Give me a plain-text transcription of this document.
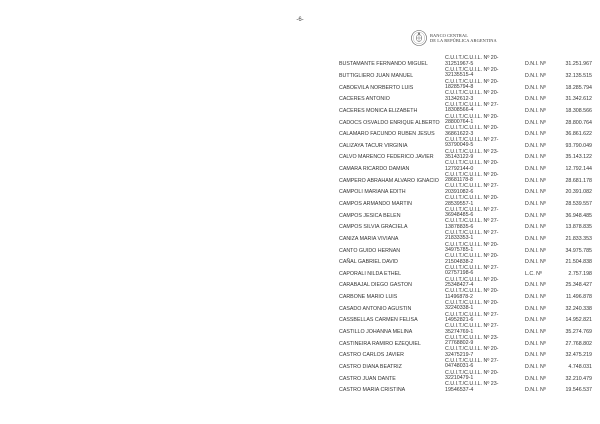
-6-
BANCO CENTRAL
DE LA REPÚBLICA ARGENTINA
BUSTAMANTE FERNANDO MIGUEL
C.U.I.T./C.U.I.L. Nº 20-
31251967-5	D.N.I. Nº	31.251.967
BUTTIGLIERO JUAN MANUEL
C.U.I.T./C.U.I.L. Nº 20-
32135515-4	D.N.I. Nº	32.135.515
CABOEVILA NORBERTO LUIS
C.U.I.T./C.U.I.L. Nº 20-
18285794-8	D.N.I. Nº	18.285.794
CACERES ANTONIO
C.U.I.T./C.U.I.L. Nº 20-
31342612-3	D.N.I. Nº	31.342.612
CACERES MONICA ELIZABETH
C.U.I.T./C.U.I.L. Nº 27-
18308566-4	D.N.I. Nº	18.308.566
CADOCS OSVALDO ENRIQUE ALBERTO
C.U.I.T./C.U.I.L. Nº 20-
28800764-1	D.N.I. Nº	28.800.764
CALAMARO FACUNDO RUBEN JESUS
C.U.I.T./C.U.I.L. Nº 20-
36861622-3	D.N.I. Nº	36.861.622
CALIZAYA TACUR VIRGINIA
C.U.I.T./C.U.I.L. Nº 27-
93790049-5	D.N.I. Nº	93.790.049
CALVO MARENCO FEDERICO JAVIER
C.U.I.T./C.U.I.L. Nº 23-
35143122-9	D.N.I. Nº	35.143.122
CAMARA RICARDO DAMIAN
C.U.I.T./C.U.I.L. Nº 20-
12792144-0	D.N.I. Nº	12.792.144
CAMPERO ABRAHAM ALVARO IGNACIO
C.U.I.T./C.U.I.L. Nº 20-
28681178-8	D.N.I. Nº	28.681.178
CAMPOLI MARIANA EDITH
C.U.I.T./C.U.I.L. Nº 27-
20391082-6	D.N.I. Nº	20.391.082
CAMPOS ARMANDO MARTIN
C.U.I.T./C.U.I.L. Nº 20-
28539557-1	D.N.I. Nº	28.539.557
CAMPOS JESICA BELEN
C.U.I.T./C.U.I.L. Nº 27-
36948485-6	D.N.I. Nº	36.948.485
CAMPOS SILVIA GRACIELA
C.U.I.T./C.U.I.L. Nº 27-
13878835-6	D.N.I. Nº	13.878.835
CANIZA MARIA VIVIANA
C.U.I.T./C.U.I.L. Nº 27-
21833353-1	D.N.I. Nº	21.833.353
CANTO GUIDO HERNAN
C.U.I.T./C.U.I.L. Nº 20-
34975785-1	D.N.I. Nº	34.975.785
CAÑAL GABRIEL DAVID
C.U.I.T./C.U.I.L. Nº 20-
21504838-2	D.N.I. Nº	21.504.838
CAPORALI NILDA ETHEL
C.U.I.T./C.U.I.L. Nº 27-
02757198-6	L.C. Nº	2.757.198
CARABAJAL DIEGO GASTON
C.U.I.T./C.U.I.L. Nº 20-
25348427-4	D.N.I. Nº	25.348.427
CARBONE MARIO LUIS
C.U.I.T./C.U.I.L. Nº 20-
11496878-2	D.N.I. Nº	11.496.878
CASADO ANTONIO AGUSTIN
C.U.I.T./C.U.I.L. Nº 20-
32240338-1	D.N.I. Nº	32.240.338
CASSBELLAS CARMEN FELISA
C.U.I.T./C.U.I.L. Nº 27-
14952821-6	D.N.I. Nº	14.952.821
CASTILLO JOHANNA MELINA
C.U.I.T./C.U.I.L. Nº 27-
35274769-1	D.N.I. Nº	35.274.769
CASTINEIRA RAMIRO EZEQUIEL
C.U.I.T./C.U.I.L. Nº 23-
27768802-9	D.N.I. Nº	27.768.802
CASTRO CARLOS JAVIER
C.U.I.T./C.U.I.L. Nº 20-
32475219-7	D.N.I. Nº	32.475.219
CASTRO DIANA BEATRIZ
C.U.I.T./C.U.I.L. Nº 27-
04748031-6	D.N.I. Nº	4.748.031
CASTRO JUAN DANTE
C.U.I.T./C.U.I.L. Nº 20-
32210479-1	D.N.I. Nº	32.210.479
CASTRO MARIA CRISTINA
C.U.I.T./C.U.I.L. Nº 23-
19546537-4	D.N.I. Nº	19.546.537
